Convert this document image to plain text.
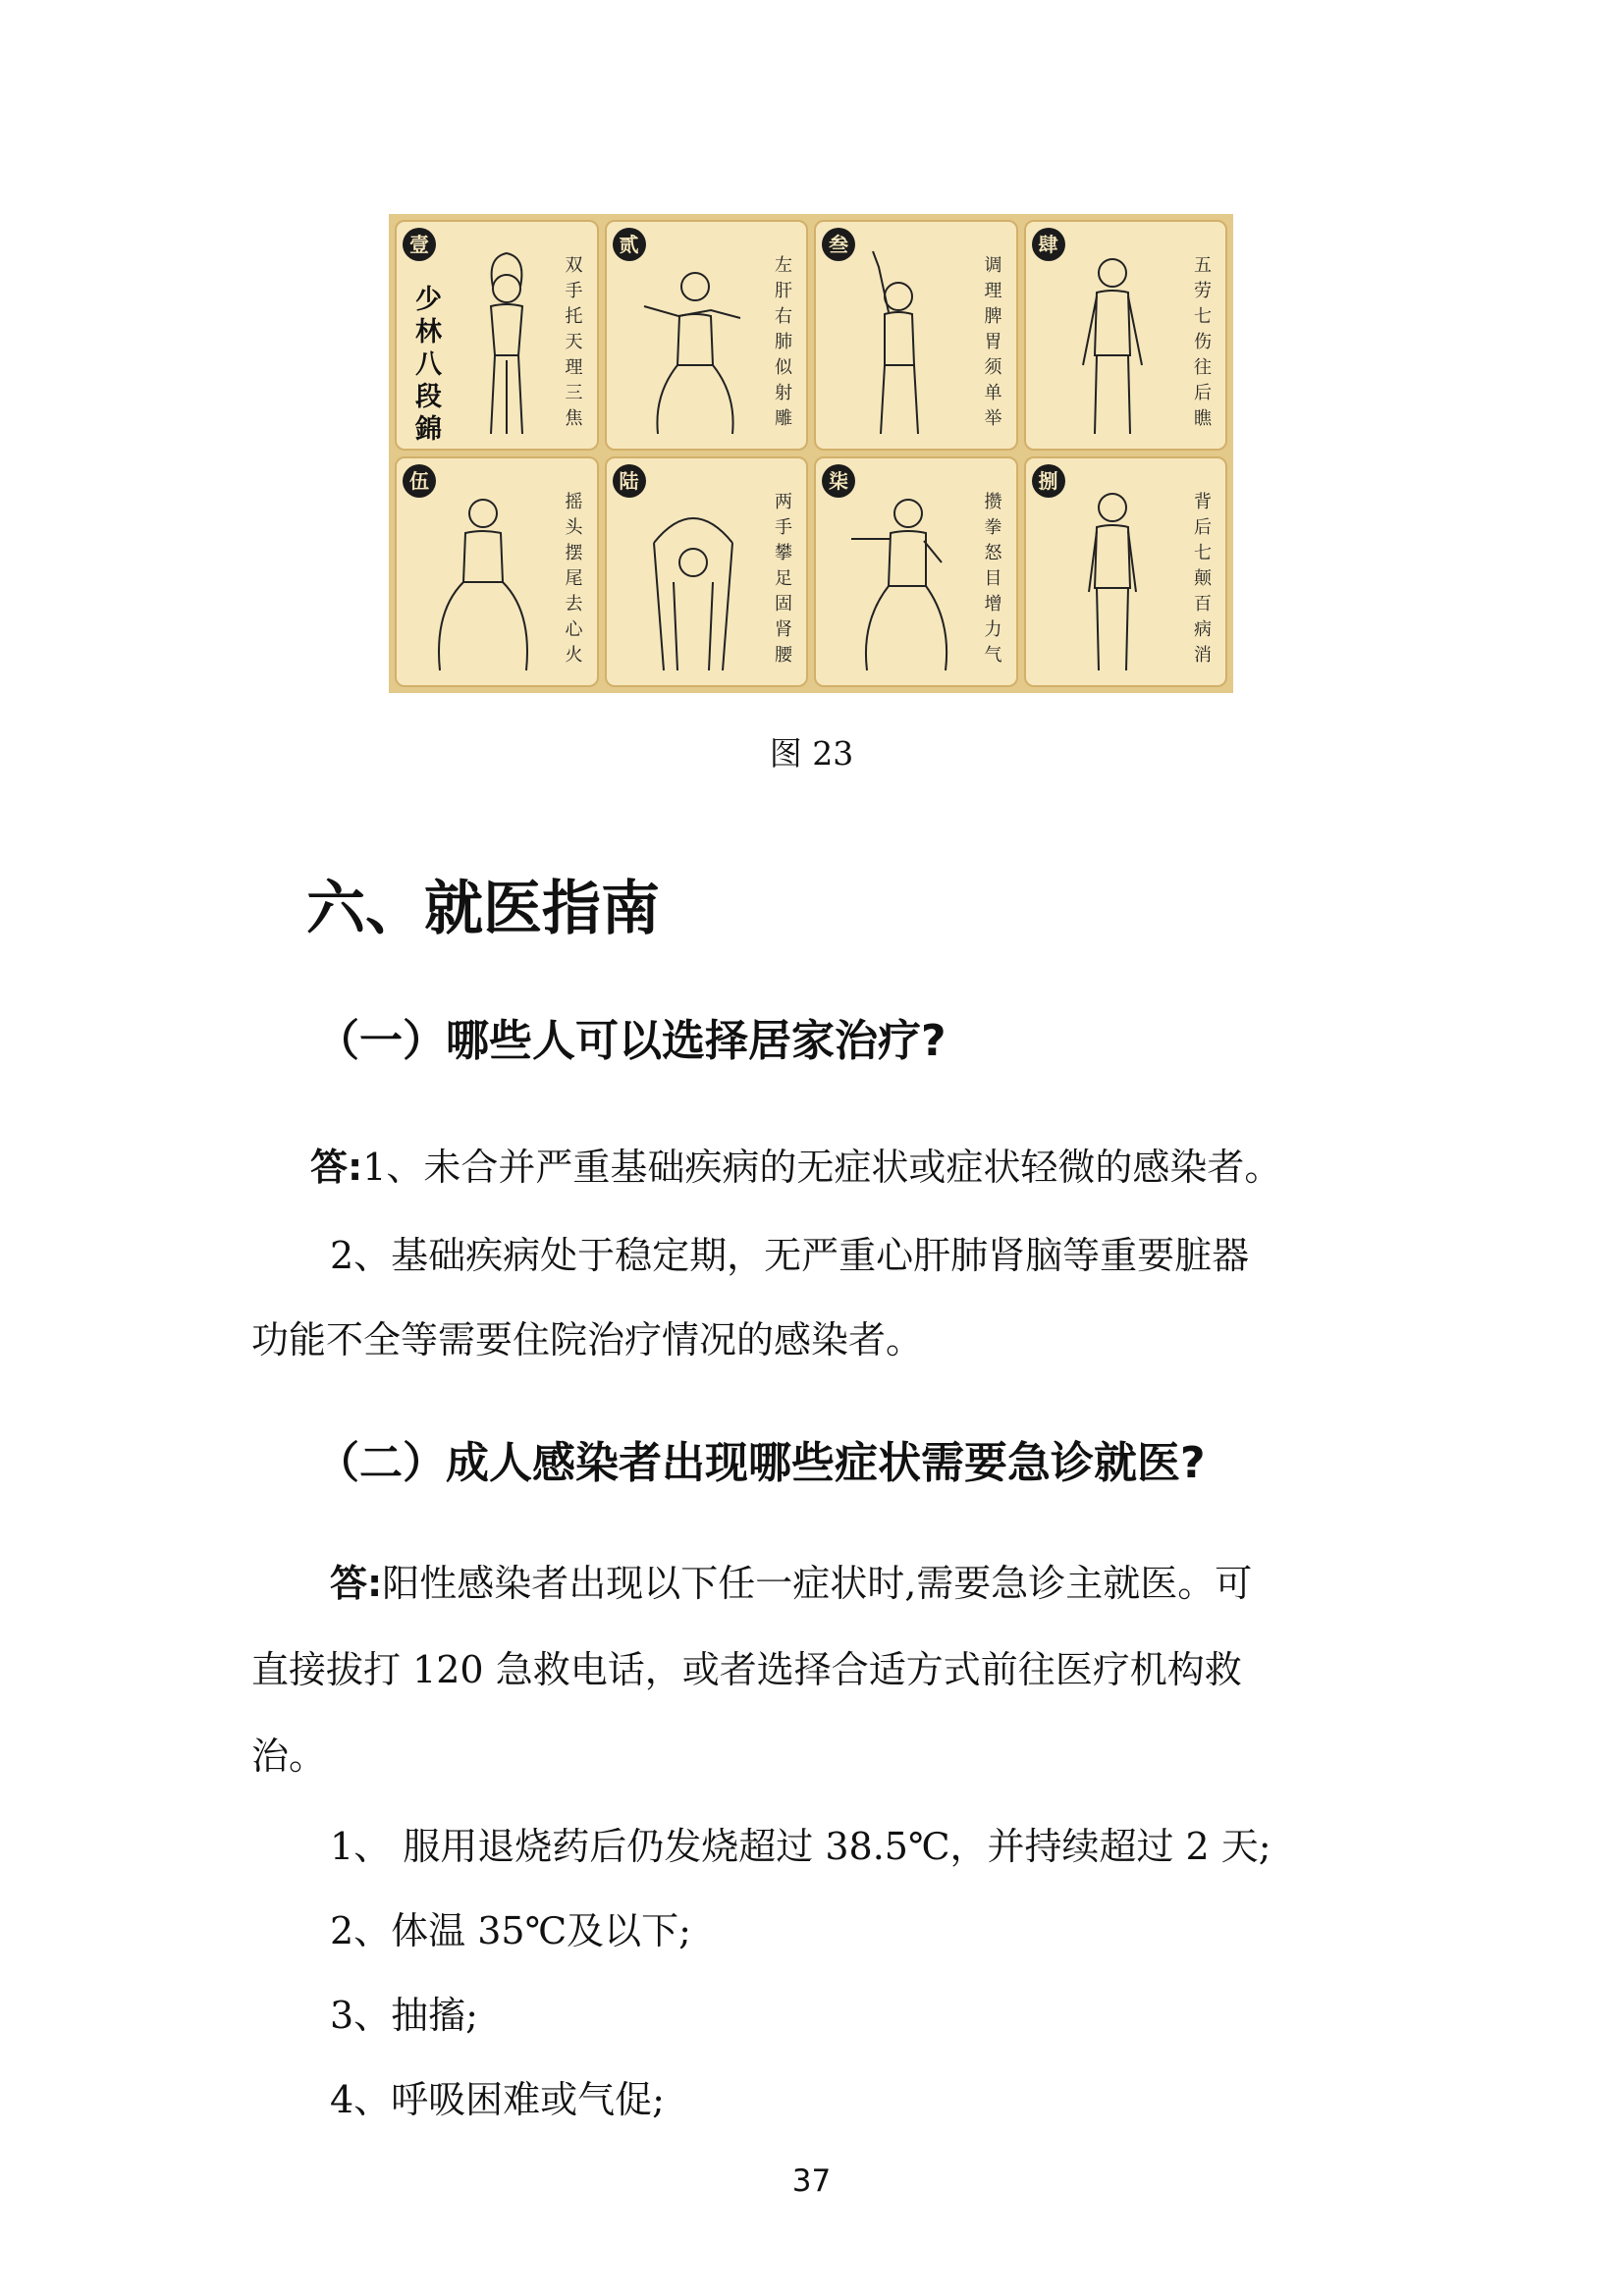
壹
少林八段錦	双手托天理三焦
贰
左肝右肺似射雕
叁
调理脾胃须单举
肆
五劳七伤往后瞧
伍
摇头摆尾去心火
陆
两手攀足固肾腰
柒
攒拳怒目增力气
捌
背后七颠百病消
图 23
六、就医指南
（一）哪些人可以选择居家治疗?

答:1、未合并严重基础疾病的无症状或症状轻微的感染者。

2、基础疾病处于稳定期，无严重心肝肺肾脑等重要脏器

功能不全等需要住院治疗情况的感染者。

（二）成人感染者出现哪些症状需要急诊就医?

答:阳性感染者出现以下任一症状时,需要急诊主就医。可

直接拔打 120 急救电话，或者选择合适方式前往医疗机构救

治。

1、 服用退烧药后仍发烧超过 38.5℃，并持续超过 2 天;

2、体温 35℃及以下;

3、抽搐;

4、呼吸困难或气促;

37
